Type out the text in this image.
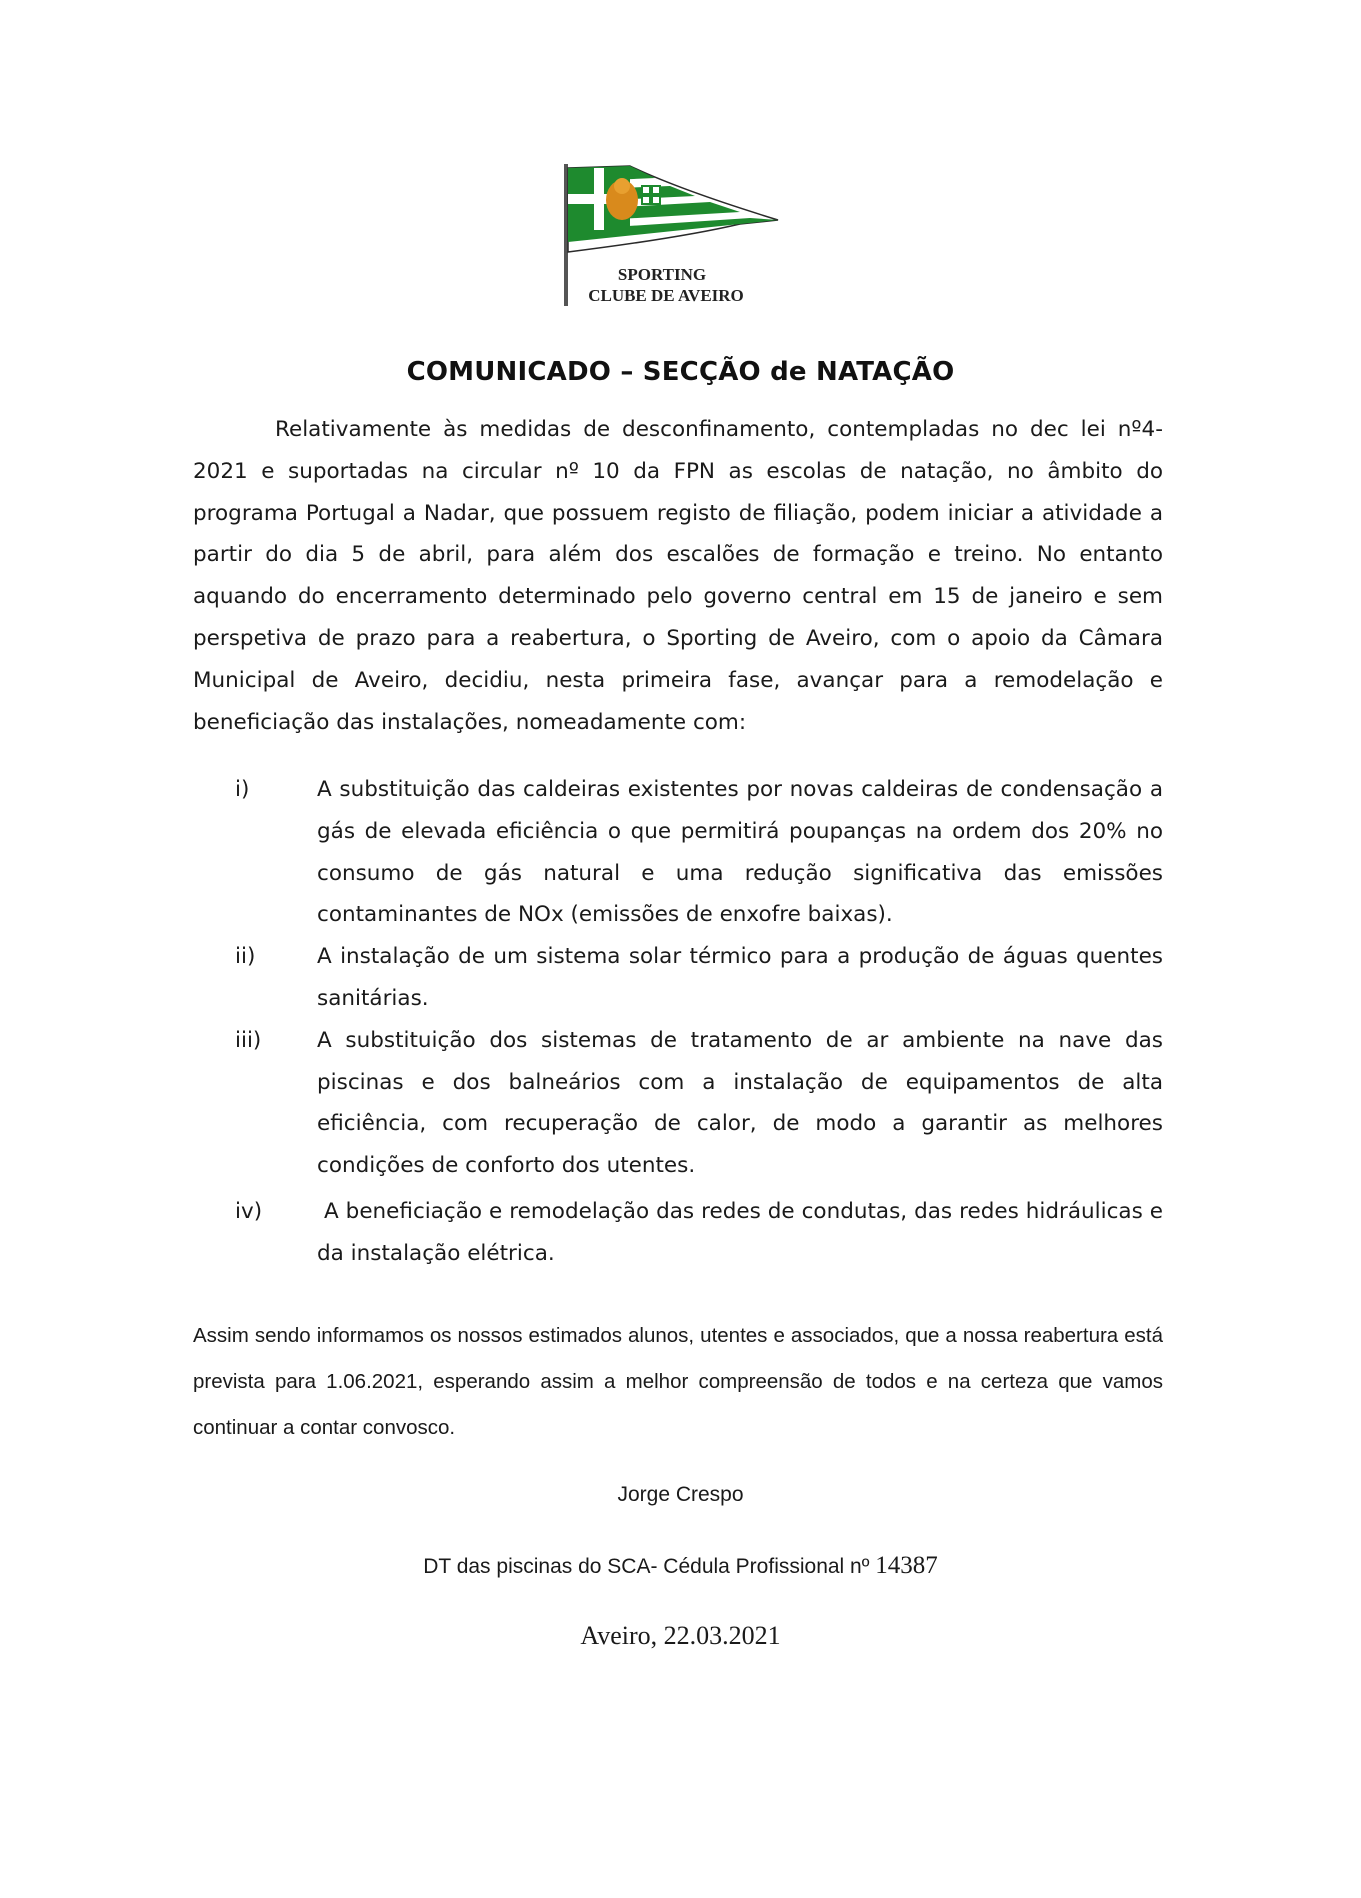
SPORTING
CLUBE DE AVEIRO
COMUNICADO – SECÇÃO de NATAÇÃO
Relativamente às medidas de desconfinamento, contempladas no dec lei nº4-2021 e suportadas na circular nº 10 da FPN as escolas de natação, no âmbito do programa Portugal a Nadar, que possuem registo de filiação, podem iniciar a atividade a partir do dia 5 de abril, para além dos escalões de formação e treino. No entanto aquando do encerramento determinado pelo governo central em 15 de janeiro e sem perspetiva de prazo para a reabertura, o Sporting de Aveiro, com o apoio da Câmara Municipal de Aveiro, decidiu, nesta primeira fase, avançar para a remodelação e beneficiação das instalações, nomeadamente com:
i)	A substituição das caldeiras existentes por novas caldeiras de condensação a gás de elevada eficiência o que permitirá poupanças na ordem dos 20% no consumo de gás natural e uma redução significativa das emissões contaminantes de NOx (emissões de enxofre baixas).
ii)	A instalação de um sistema solar térmico para a produção de águas quentes sanitárias.
iii)	A substituição dos sistemas de tratamento de ar ambiente na nave das piscinas e dos balneários com a instalação de equipamentos de alta eficiência, com recuperação de calor, de modo a garantir as melhores condições de conforto dos utentes.
iv)	A beneficiação e remodelação das redes de condutas, das redes hidráulicas e da instalação elétrica.
Assim sendo informamos os nossos estimados alunos, utentes e associados, que a nossa reabertura está prevista para 1.06.2021, esperando assim a melhor compreensão de todos e na certeza que vamos continuar a contar convosco.
Jorge Crespo
DT das piscinas do SCA- Cédula Profissional nº 14387
Aveiro, 22.03.2021
